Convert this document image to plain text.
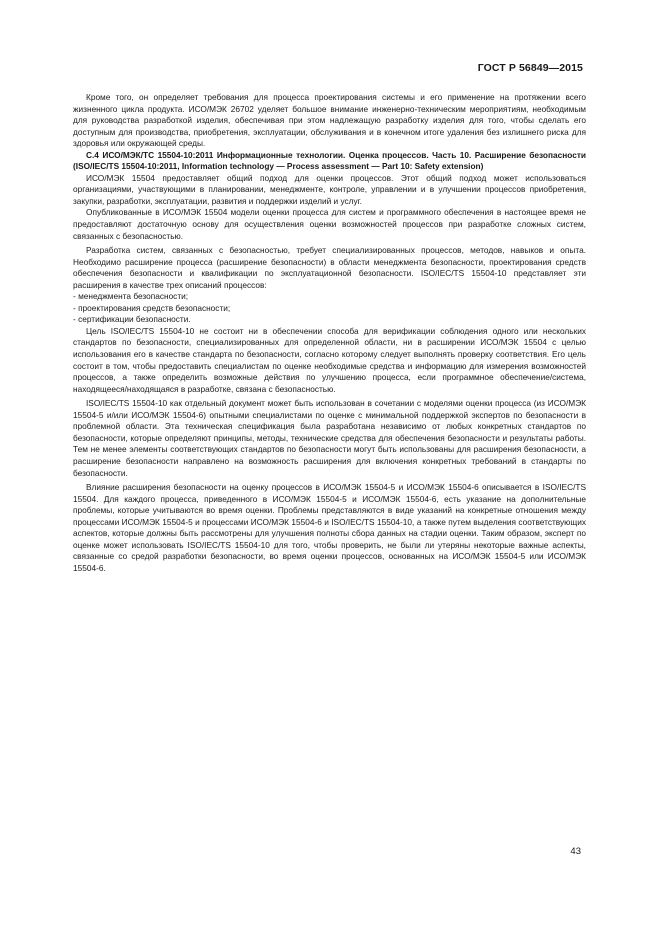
ГОСТ Р 56849—2015

Кроме того, он определяет требования для процесса проектирования системы и его применение на протяжении всего жизненного цикла продукта. ИСО/МЭК 26702 уделяет большое внимание инженерно-техническим мероприятиям, необходимым для руководства разработкой изделия, обеспечивая при этом надлежащую разработку изделия для того, чтобы сделать его доступным для производства, приобретения, эксплуатации, обслуживания и в конечном итоге удаления без излишнего риска для здоровья или окружающей среды.

С.4 ИСО/МЭК/ТС 15504-10:2011 Информационные технологии. Оценка процессов. Часть 10. Расширение безопасности (ISO/IEC/TS 15504-10:2011, Information technology — Process assessment — Part 10: Safety extension)

ИСО/МЭК 15504 предоставляет общий подход для оценки процессов. Этот общий подход может использоваться организациями, участвующими в планировании, менеджменте, контроле, управлении и в улучшении процессов приобретения, закупки, разработки, эксплуатации, развития и поддержки изделий и услуг.

Опубликованные в ИСО/МЭК 15504 модели оценки процесса для систем и программного обеспечения в настоящее время не предоставляют достаточную основу для осуществления оценки возможностей процессов при разработке сложных систем, связанных с безопасностью.

Разработка систем, связанных с безопасностью, требует специализированных процессов, методов, навыков и опыта. Необходимо расширение процесса (расширение безопасности) в области менеджмента безопасности, проектирования средств обеспечения безопасности и квалификации по эксплуатационной безопасности. ISO/IEC/TS 15504-10 представляет эти расширения в качестве трех описаний процессов:

- менеджмента безопасности;
- проектирования средств безопасности;
- сертификации безопасности.

Цель ISO/IEC/TS 15504-10 не состоит ни в обеспечении способа для верификации соблюдения одного или нескольких стандартов по безопасности, специализированных для определенной области, ни в расширении ИСО/МЭК 15504 с целью использования его в качестве стандарта по безопасности, согласно которому следует выполнять проверку соответствия. Его цель состоит в том, чтобы предоставить специалистам по оценке необходимые средства и информацию для измерения возможностей процессов, а также определить возможные действия по улучшению процесса, если программное обеспечение/система, находящееся/находящаяся в разработке, связана с безопасностью.

ISO/IEC/TS 15504-10 как отдельный документ может быть использован в сочетании с моделями оценки процесса (из ИСО/МЭК 15504-5 и/или ИСО/МЭК 15504-6) опытными специалистами по оценке с минимальной поддержкой экспертов по безопасности в проблемной области. Эта техническая спецификация была разработана независимо от любых конкретных стандартов по безопасности, которые определяют принципы, методы, технические средства для обеспечения безопасности и результаты работы. Тем не менее элементы соответствующих стандартов по безопасности могут быть использованы для расширения безопасности, а расширение безопасности направлено на возможность расширения для включения конкретных требований в стандарты по безопасности.

Влияние расширения безопасности на оценку процессов в ИСО/МЭК 15504-5 и ИСО/МЭК 15504-6 описывается в ISO/IEC/TS 15504. Для каждого процесса, приведенного в ИСО/МЭК 15504-5 и ИСО/МЭК 15504-6, есть указание на дополнительные проблемы, которые учитываются во время оценки. Проблемы представляются в виде указаний на конкретные отношения между процессами ИСО/МЭК 15504-5 и процессами ИСО/МЭК 15504-6 и ISO/IEC/TS 15504-10, а также путем выделения соответствующих аспектов, которые должны быть рассмотрены для улучшения полноты сбора данных на стадии оценки. Таким образом, эксперт по оценке может использовать ISO/IEC/TS 15504-10 для того, чтобы проверить, не были ли утеряны некоторые важные аспекты, связанные со средой разработки безопасности, во время оценки процессов, основанных на ИСО/МЭК 15504-5 или ИСО/МЭК 15504-6.

43
